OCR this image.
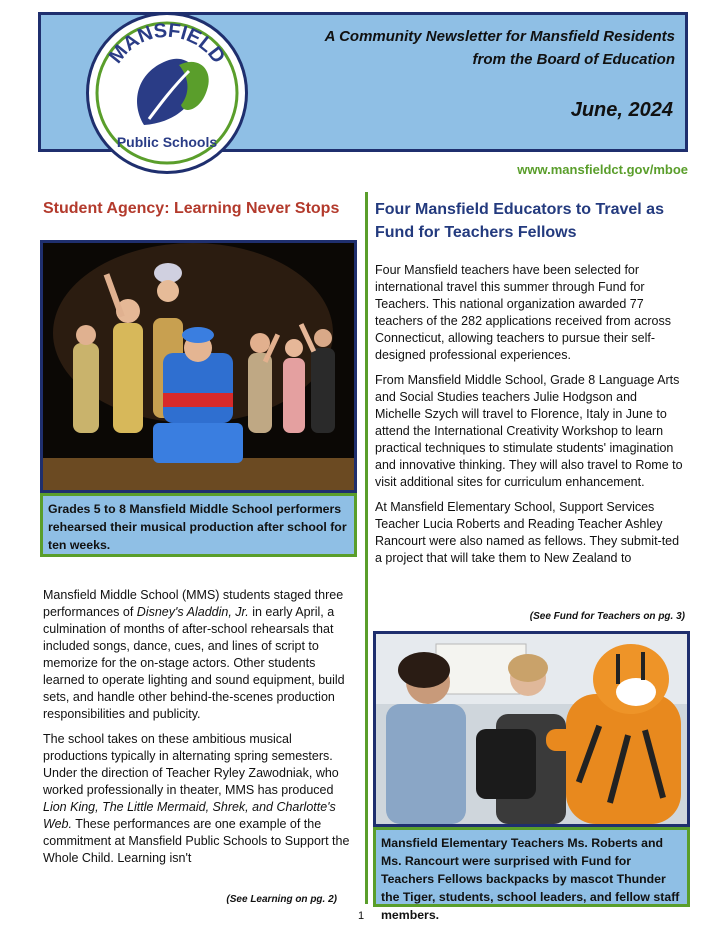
A Community Newsletter for Mansfield Residents
from the Board of Education
June, 2024
MANSFIELD
Public Schools
www.mansfieldct.gov/mboe
Student Agency: Learning Never Stops
Grades 5 to 8 Mansfield Middle School performers rehearsed their musical production after school for ten weeks.

Mansfield Middle School (MMS) students staged three performances of Disney's Aladdin, Jr. in early April, a culmination of months of after-school rehearsals that included songs, dance, cues, and lines of script to memorize for the on-stage actors. Other students learned to operate lighting and sound equipment, build sets, and handle other behind-the-scenes production responsibilities and publicity.

The school takes on these ambitious musical productions typically in alternating spring semesters. Under the direction of Teacher Ryley Zawodniak, who worked professionally in theater, MMS has produced Lion King, The Little Mermaid, Shrek, and Charlotte's Web. These performances are one example of the commitment at Mansfield Public Schools to Support the Whole Child. Learning isn't

(See Learning on pg. 2)
Four Mansfield Educators to Travel as Fund for Teachers Fellows

Four Mansfield teachers have been selected for international travel this summer through Fund for Teachers. This national organization awarded 77 teachers of the 282 applications received from across Connecticut, allowing teachers to pursue their self-designed professional experiences.

From Mansfield Middle School, Grade 8 Language Arts and Social Studies teachers Julie Hodgson and Michelle Szych will travel to Florence, Italy in June to attend the International Creativity Workshop to learn practical techniques to stimulate students' imagination and innovative thinking. They will also travel to Rome to visit additional sites for curriculum enhancement.

At Mansfield Elementary School, Support Services Teacher Lucia Roberts and Reading Teacher Ashley Rancourt were also named as fellows. They submit-ted a project that will take them to New Zealand to

(See Fund for Teachers on pg. 3)
Mansfield Elementary Teachers Ms. Roberts and Ms. Rancourt were surprised with Fund for Teachers Fellows backpacks by mascot Thunder the Tiger, students, school leaders, and fellow staff members.
1
